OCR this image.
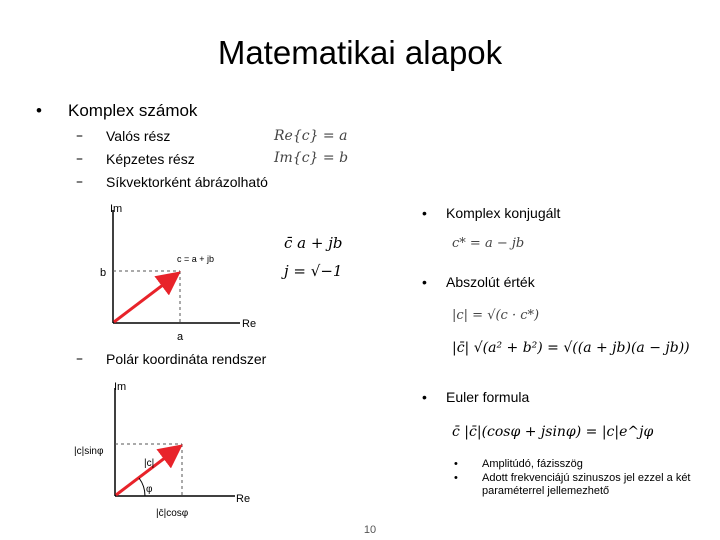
Matematikai alapok
• Komplex számok
– Valós rész
– Képzetes rész
– Síkvektorként ábrázolható
– Polár koordináta rendszer
Re{c} = a
Im{c} = b
c̄ a + jb
j = √−1
• Komplex konjugált
c* = a − jb
• Abszolút érték
|c| = √(c · c*)
|c̄| √(a² + b²) = √((a + jb)(a − jb))
• Euler formula
c̄ |c̄|(cosφ + jsinφ) = |c|e^jφ
• Amplitúdó, fázisszög
• Adott frekvenciájú szinuszos jel ezzel a két paraméterrel jellemezhető
Im
Re
c = a + jb
b
a
Im
Re
|c|sinφ
|c̄|cosφ
|c|
φ
10
